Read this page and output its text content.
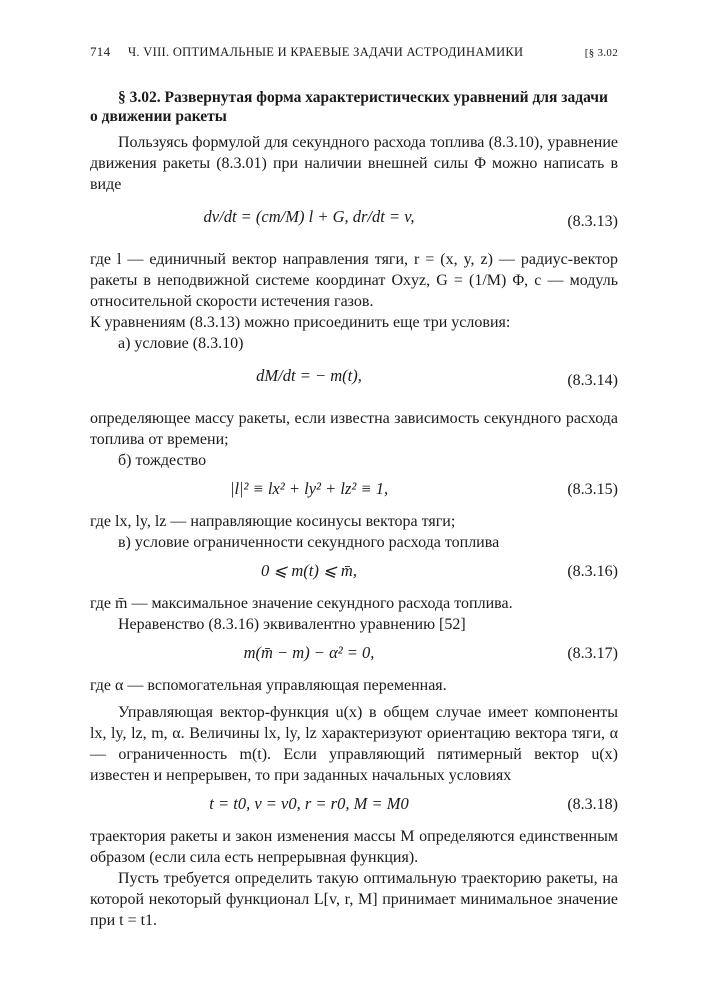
714	Ч. VIII. ОПТИМАЛЬНЫЕ И КРАЕВЫЕ ЗАДАЧИ АСТРОДИНАМИКИ	[§ 3.02
§ 3.02. Развернутая форма характеристических уравнений для задачи о движении ракеты

Пользуясь формулой для секундного расхода топлива (8.3.10), уравнение движения ракеты (8.3.01) при наличии внешней силы Φ можно написать в виде

dv/dt = (cm/M) l + G, dr/dt = v,	(8.3.13)

где l — единичный вектор направления тяги, r = (x, y, z) — радиус-вектор ракеты в неподвижной системе координат Oxyz, G = (1/M) Φ, c — модуль относительной скорости истечения газов.

К уравнениям (8.3.13) можно присоединить еще три условия:

а) условие (8.3.10)

dM/dt = − m(t),	(8.3.14)

определяющее массу ракеты, если известна зависимость секундного расхода топлива от времени;

б) тождество

|l|² ≡ lx² + ly² + lz² ≡ 1,	(8.3.15)

где lx, ly, lz — направляющие косинусы вектора тяги;

в) условие ограниченности секундного расхода топлива

0 ⩽ m(t) ⩽ m̄,	(8.3.16)

где m̄ — максимальное значение секундного расхода топлива.

Неравенство (8.3.16) эквивалентно уравнению [52]

m(m̄ − m) − α² = 0,	(8.3.17)

где α — вспомогательная управляющая переменная.

Управляющая вектор-функция u(x) в общем случае имеет компоненты lx, ly, lz, m, α. Величины lx, ly, lz характеризуют ориентацию вектора тяги, α — ограниченность m(t). Если управляющий пятимерный вектор u(x) известен и непрерывен, то при заданных начальных условиях

t = t0, v = v0, r = r0, M = M0	(8.3.18)

траектория ракеты и закон изменения массы M определяются единственным образом (если сила есть непрерывная функция).

Пусть требуется определить такую оптимальную траекторию ракеты, на которой некоторый функционал L[v, r, M] принимает минимальное значение при t = t1.
